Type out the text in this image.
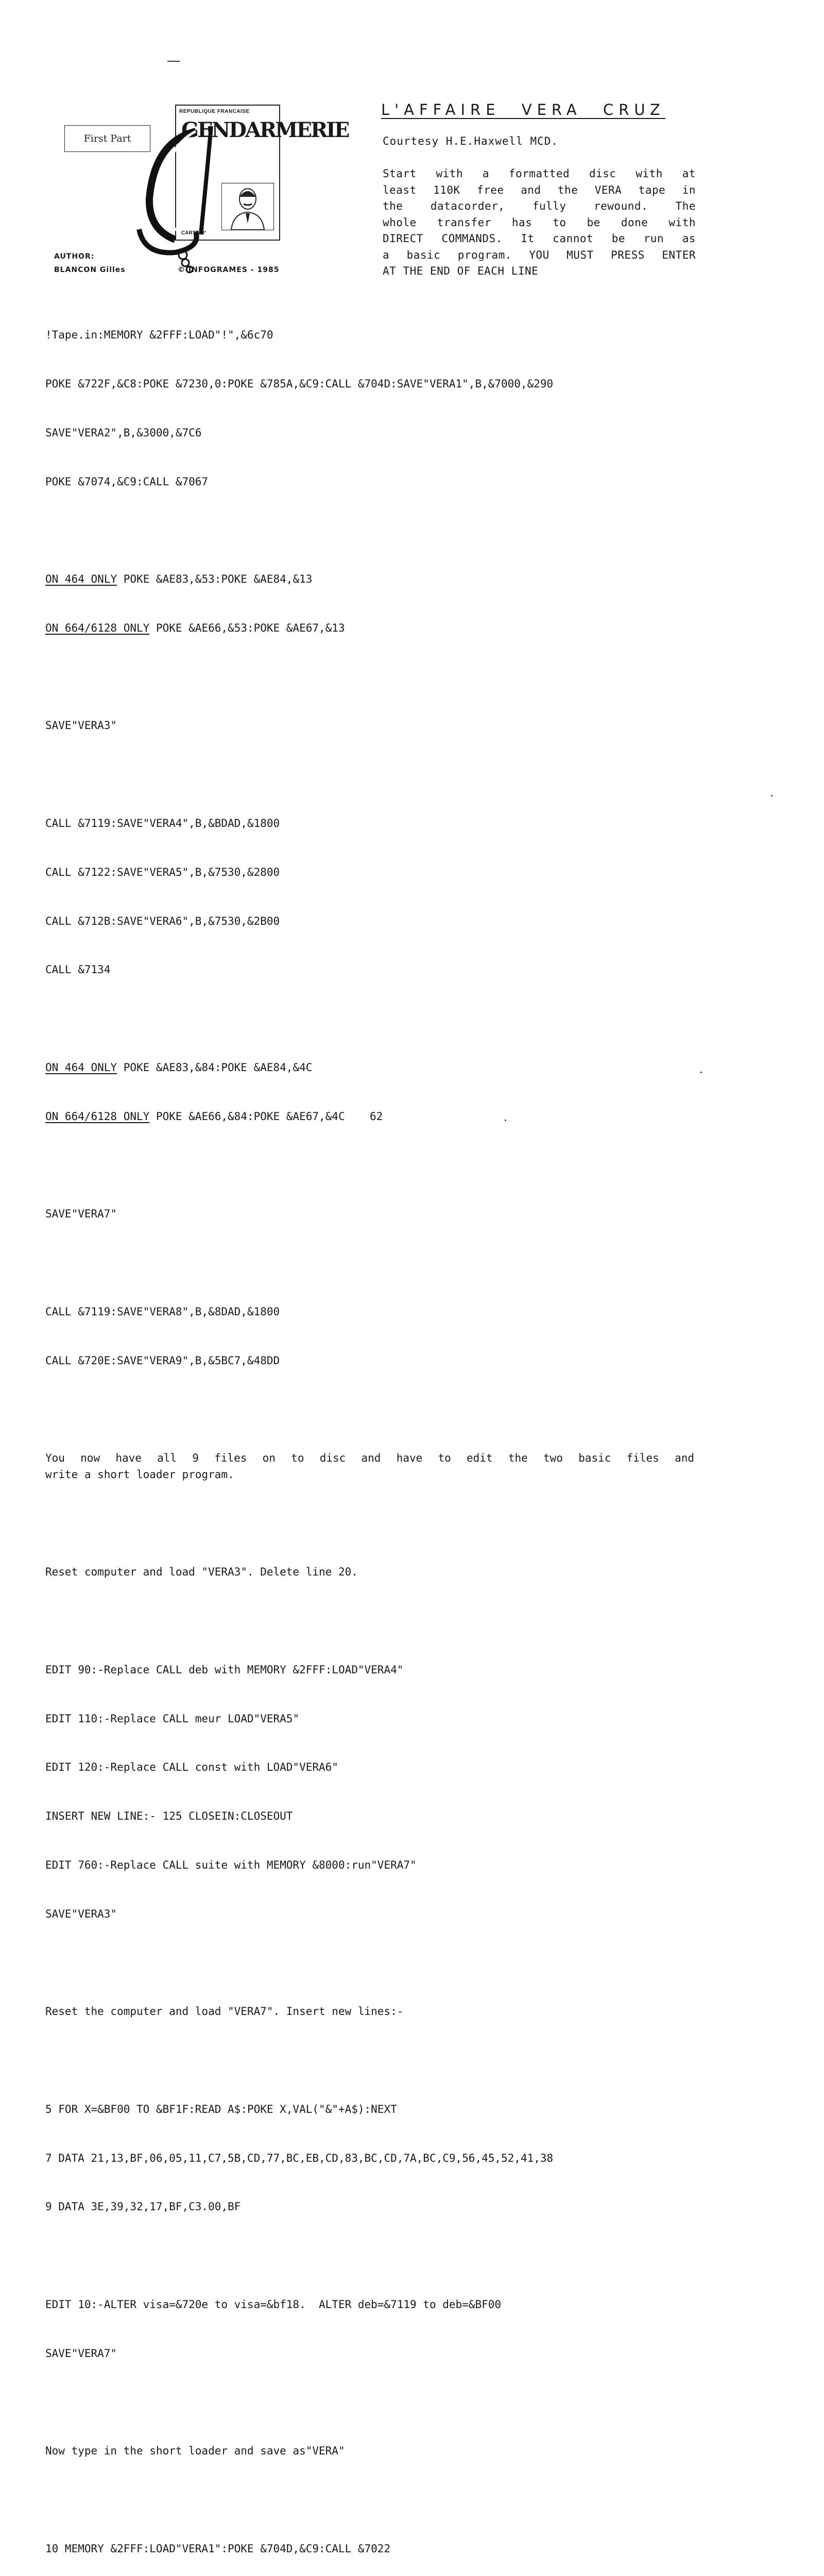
First Part
REPUBLIQUE FRANCAISE
GENDARMERIE
CARTE N°
AUTHOR:
BLANCON Gilles	© INFOGRAMES - 1985
L'AFFAIRE VERA CRUZ
Courtesy H.E.Haxwell MCD.
Start with a formatted disc with at
least 110K free and the VERA tape in
the datacorder, fully rewound. The
whole transfer has to be done with
DIRECT COMMANDS. It cannot be run as
a basic program. YOU MUST PRESS ENTER
AT THE END OF EACH LINE

!Tape.in:MEMORY &2FFF:LOAD"!",&6c70

POKE &722F,&C8:POKE &7230,0:POKE &785A,&C9:CALL &704D:SAVE"VERA1",B,&7000,&290

SAVE"VERA2",B,&3000,&7C6

POKE &7074,&C9:CALL &7067

ON 464 ONLY POKE &AE83,&53:POKE &AE84,&13

ON 664/6128 ONLY POKE &AE66,&53:POKE &AE67,&13

SAVE"VERA3"

CALL &7119:SAVE"VERA4",B,&BDAD,&1800

CALL &7122:SAVE"VERA5",B,&7530,&2800

CALL &712B:SAVE"VERA6",B,&7530,&2B00

CALL &7134

ON 464 ONLY POKE &AE83,&84:POKE &AE84,&4C

ON 664/6128 ONLY POKE &AE66,&84:POKE &AE67,&4C

SAVE"VERA7"

CALL &7119:SAVE"VERA8",B,&8DAD,&1800

CALL &720E:SAVE"VERA9",B,&5BC7,&48DD

You now have all 9 files on to disc and have to edit the two basic files and
write a short loader program.

Reset computer and load "VERA3". Delete line 20.

EDIT 90:-Replace CALL deb with MEMORY &2FFF:LOAD"VERA4"

EDIT 110:-Replace CALL meur LOAD"VERA5"

EDIT 120:-Replace CALL const with LOAD"VERA6"

INSERT NEW LINE:- 125 CLOSEIN:CLOSEOUT

EDIT 760:-Replace CALL suite with MEMORY &8000:run"VERA7"

SAVE"VERA3"

Reset the computer and load "VERA7". Insert new lines:-

5 FOR X=&BF00 TO &BF1F:READ A$:POKE X,VAL("&"+A$):NEXT

7 DATA 21,13,BF,06,05,11,C7,5B,CD,77,BC,EB,CD,83,BC,CD,7A,BC,C9,56,45,52,41,38

9 DATA 3E,39,32,17,BF,C3.00,BF

EDIT 10:-ALTER visa=&720e to visa=&bf18.  ALTER deb=&7119 to deb=&BF00

SAVE"VERA7"

Now type in the short loader and save as"VERA"

10 MEMORY &2FFF:LOAD"VERA1":POKE &704D,&C9:CALL &7022

62
